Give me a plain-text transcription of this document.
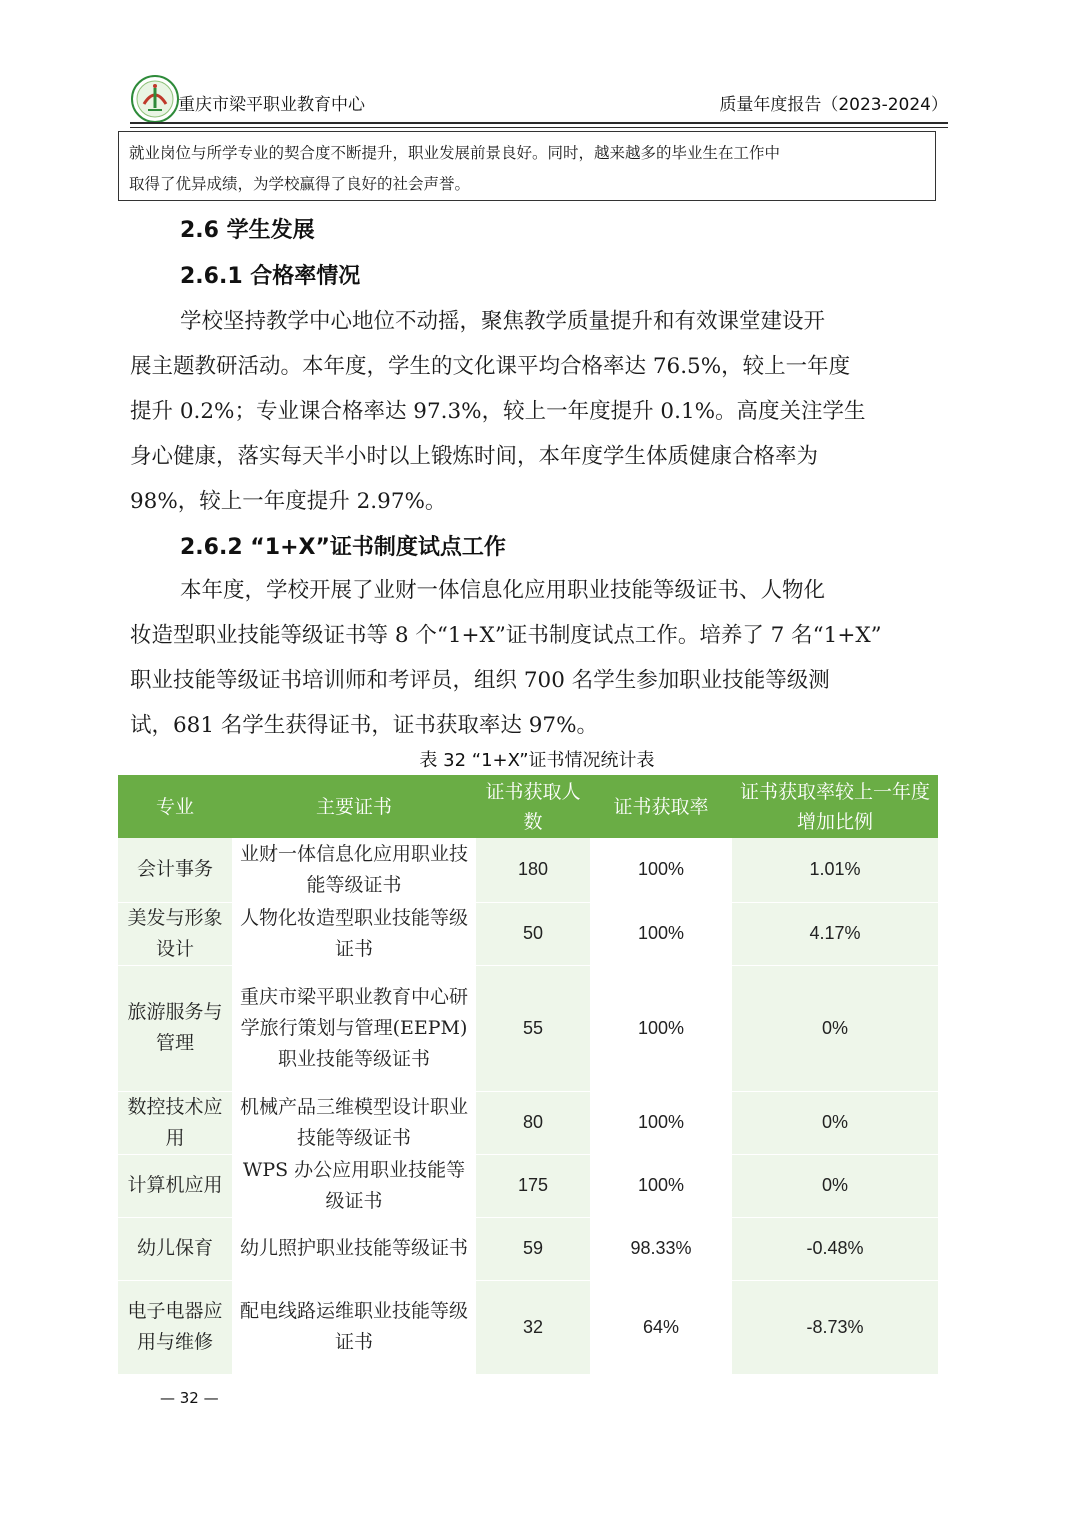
重庆市梁平职业教育中心	质量年度报告（2023-2024）
就业岗位与所学专业的契合度不断提升，职业发展前景良好。同时，越来越多的毕业生在工作中
取得了优异成绩，为学校赢得了良好的社会声誉。
2.6 学生发展
2.6.1 合格率情况
学校坚持教学中心地位不动摇，聚焦教学质量提升和有效课堂建设开
展主题教研活动。本年度，学生的文化课平均合格率达 76.5%，较上一年度
提升 0.2%；专业课合格率达 97.3%，较上一年度提升 0.1%。高度关注学生
身心健康，落实每天半小时以上锻炼时间，本年度学生体质健康合格率为
98%，较上一年度提升 2.97%。
2.6.2 “1+X”证书制度试点工作
本年度，学校开展了业财一体信息化应用职业技能等级证书、人物化
妆造型职业技能等级证书等 8 个“1+X”证书制度试点工作。培养了 7 名“1+X”
职业技能等级证书培训师和考评员，组织 700 名学生参加职业技能等级测
试，681 名学生获得证书，证书获取率达 97%。
表 32 “1+X”证书情况统计表
专业	主要证书	证书获取人数	证书获取率	证书获取率较上一年度增加比例
会计事务	业财一体信息化应用职业技能等级证书	180	100%	1.01%
美发与形象设计	人物化妆造型职业技能等级证书	50	100%	4.17%
旅游服务与管理	重庆市梁平职业教育中心研学旅行策划与管理(EEPM)职业技能等级证书	55	100%	0%
数控技术应用	机械产品三维模型设计职业技能等级证书	80	100%	0%
计算机应用	WPS 办公应用职业技能等级证书	175	100%	0%
幼儿保育	幼儿照护职业技能等级证书	59	98.33%	-0.48%
电子电器应用与维修	配电线路运维职业技能等级证书	32	64%	-8.73%
— 32 —
